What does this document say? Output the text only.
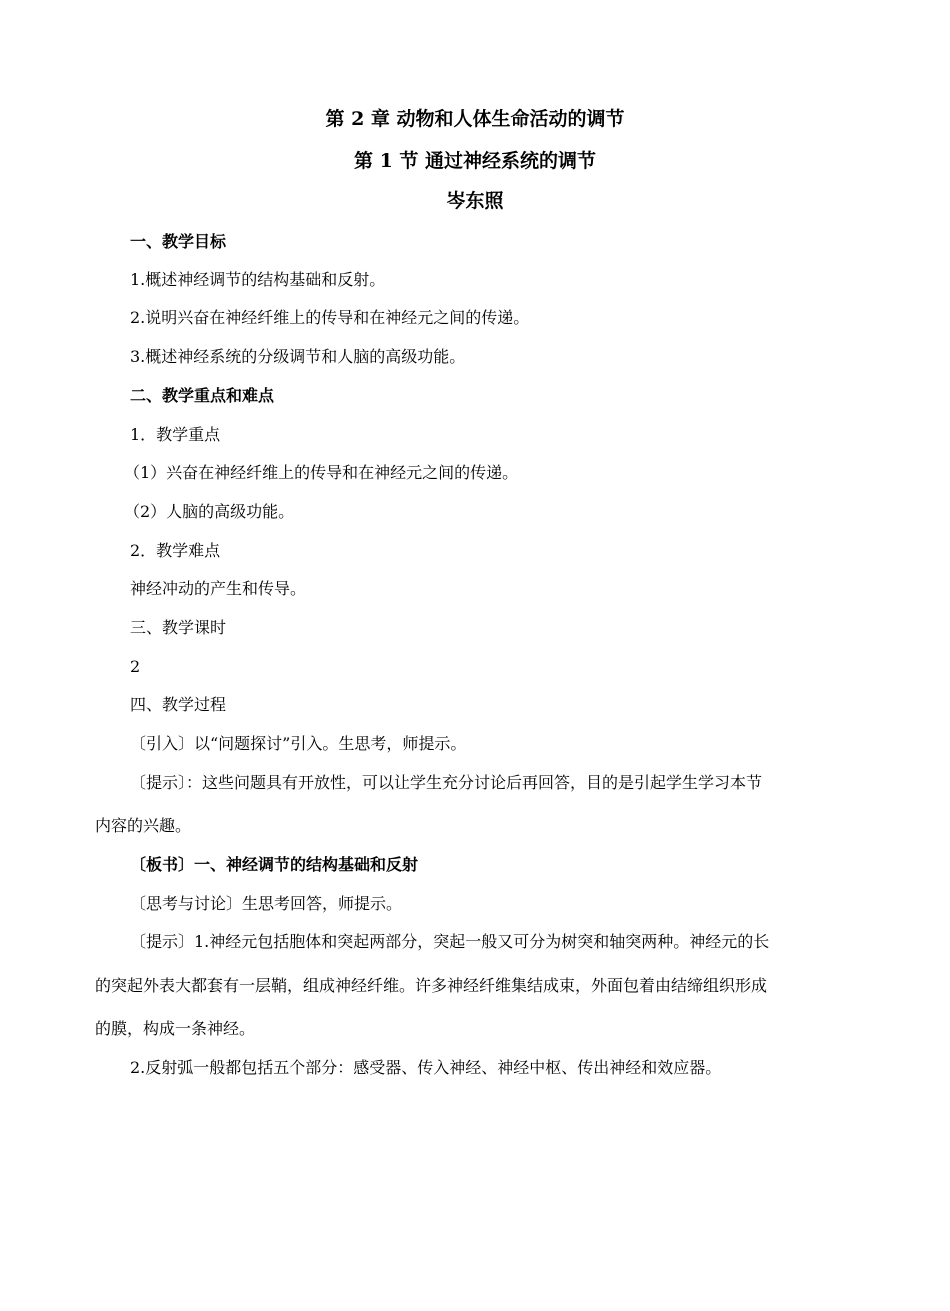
第 2 章 动物和人体生命活动的调节
第 1 节 通过神经系统的调节
岑东照
一、教学目标
1.概述神经调节的结构基础和反射。
2.说明兴奋在神经纤维上的传导和在神经元之间的传递。
3.概述神经系统的分级调节和人脑的高级功能。
二、教学重点和难点
1．教学重点
（1）兴奋在神经纤维上的传导和在神经元之间的传递。
（2）人脑的高级功能。
2．教学难点
神经冲动的产生和传导。
三、教学课时
2
四、教学过程
〔引入〕以“问题探讨”引入。生思考，师提示。
〔提示〕：这些问题具有开放性，可以让学生充分讨论后再回答，目的是引起学生学习本节
内容的兴趣。
〔板书〕一、神经调节的结构基础和反射
〔思考与讨论〕生思考回答，师提示。
〔提示〕1.神经元包括胞体和突起两部分，突起一般又可分为树突和轴突两种。神经元的长
的突起外表大都套有一层鞘，组成神经纤维。许多神经纤维集结成束，外面包着由结缔组织形成
的膜，构成一条神经。
2.反射弧一般都包括五个部分：感受器、传入神经、神经中枢、传出神经和效应器。
